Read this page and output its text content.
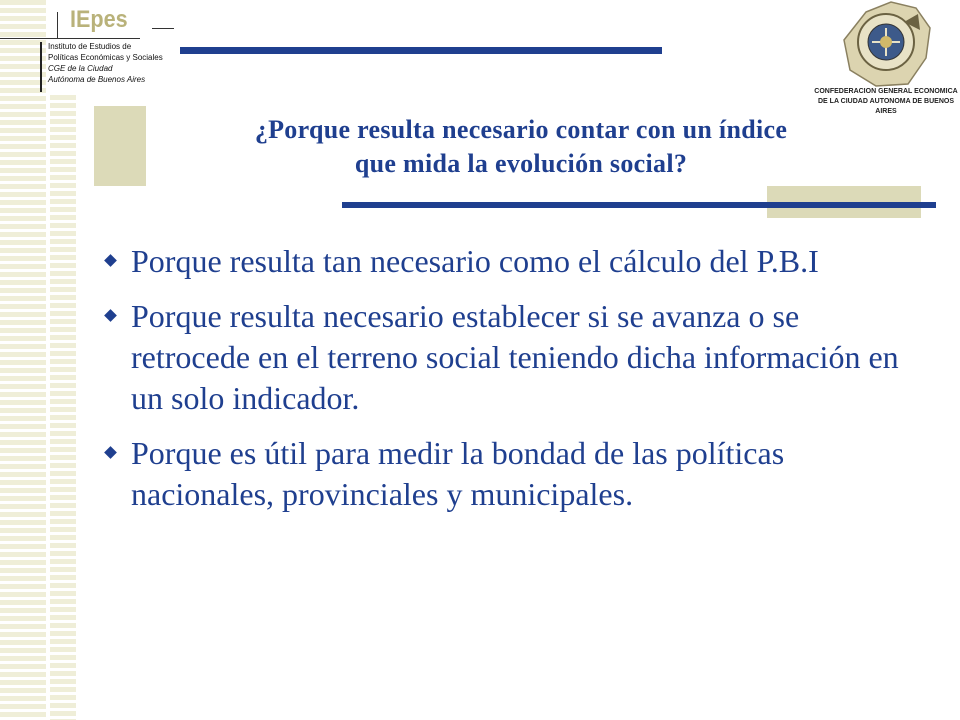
IEpes
Instituto de Estudios de
Políticas Económicas y Sociales
CGE de la Ciudad
Autónoma de Buenos Aires
CONFEDERACION GENERAL ECONOMICA
DE LA CIUDAD AUTONOMA DE BUENOS AIRES
¿Porque resulta necesario contar con un índice
que mida la evolución social?
Porque resulta tan necesario como el cálculo del P.B.I
Porque resulta necesario establecer si se avanza o se retrocede en el terreno social teniendo dicha información en un solo indicador.
Porque es útil para medir la bondad de las políticas nacionales, provinciales y municipales.
